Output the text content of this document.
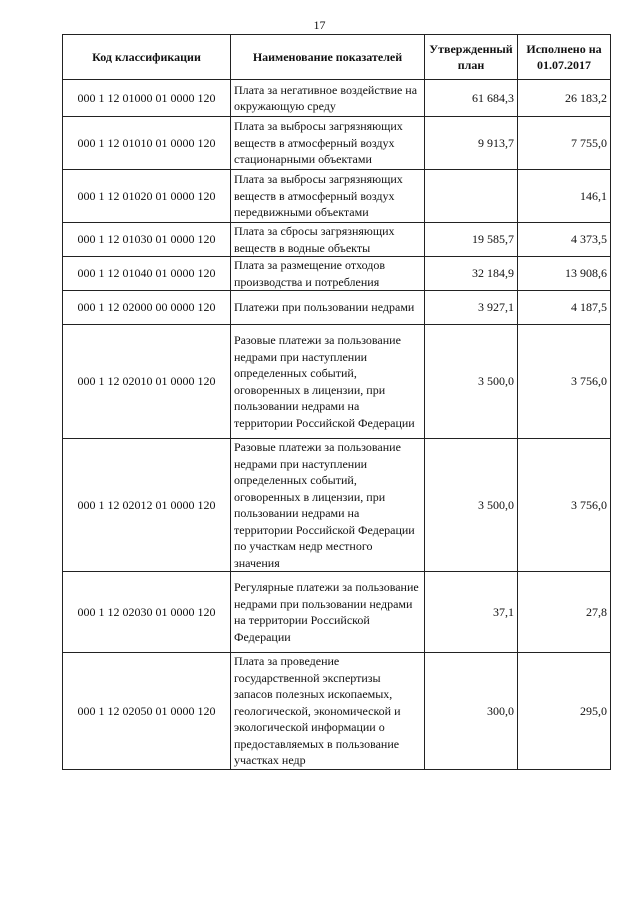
17
Код классификации	Наименование показателей	Утвержденный план	Исполнено на 01.07.2017
000 1 12 01000 01 0000 120	Плата за негативное воздействие на окружающую среду	61 684,3	26 183,2
000 1 12 01010 01 0000 120	Плата за выбросы загрязняющих веществ в атмосферный воздух стационарными объектами	9 913,7	7 755,0
000 1 12 01020 01 0000 120	Плата за выбросы загрязняющих веществ в атмосферный воздух передвижными объектами		146,1
000 1 12 01030 01 0000 120	Плата за сбросы загрязняющих веществ в водные объекты	19 585,7	4 373,5
000 1 12 01040 01 0000 120	Плата за размещение отходов производства и потребления	32 184,9	13 908,6
000 1 12 02000 00 0000 120	Платежи при пользовании недрами	3 927,1	4 187,5
000 1 12 02010 01 0000 120	Разовые платежи за пользование недрами при наступлении определенных событий, оговоренных в лицензии, при пользовании недрами на территории Российской Федерации	3 500,0	3 756,0
000 1 12 02012 01 0000 120	Разовые платежи за пользование недрами при наступлении определенных событий, оговоренных в лицензии, при пользовании недрами на территории Российской Федерации по участкам недр местного значения	3 500,0	3 756,0
000 1 12 02030 01 0000 120	Регулярные платежи за пользование недрами при пользовании недрами на территории Российской Федерации	37,1	27,8
000 1 12 02050 01 0000 120	Плата за проведение государственной экспертизы запасов полезных ископаемых, геологической, экономической и экологической информации о предоставляемых в пользование участках недр	300,0	295,0
